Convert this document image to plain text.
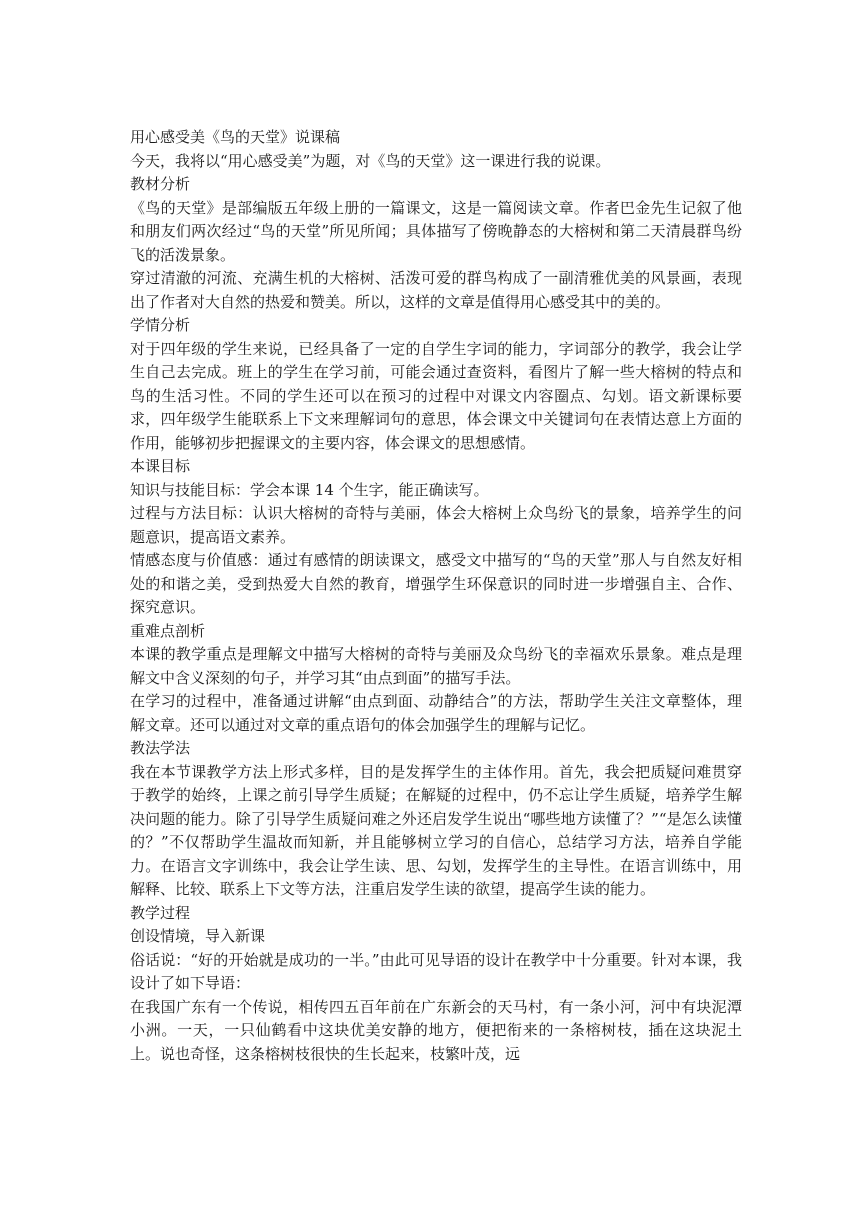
用心感受美《鸟的天堂》说课稿

今天，我将以“用心感受美”为题，对《鸟的天堂》这一课进行我的说课。

教材分析

《鸟的天堂》是部编版五年级上册的一篇课文，这是一篇阅读文章。作者巴金先生记叙了他和朋友们两次经过“鸟的天堂”所见所闻；具体描写了傍晚静态的大榕树和第二天清晨群鸟纷飞的活泼景象。

穿过清澈的河流、充满生机的大榕树、活泼可爱的群鸟构成了一副清雅优美的风景画，表现出了作者对大自然的热爱和赞美。所以，这样的文章是值得用心感受其中的美的。

学情分析

对于四年级的学生来说，已经具备了一定的自学生字词的能力，字词部分的教学，我会让学生自己去完成。班上的学生在学习前，可能会通过查资料，看图片了解一些大榕树的特点和鸟的生活习性。不同的学生还可以在预习的过程中对课文内容圈点、勾划。语文新课标要求，四年级学生能联系上下文来理解词句的意思，体会课文中关键词句在表情达意上方面的作用，能够初步把握课文的主要内容，体会课文的思想感情。

本课目标

知识与技能目标：学会本课 14 个生字，能正确读写。

过程与方法目标：认识大榕树的奇特与美丽，体会大榕树上众鸟纷飞的景象，培养学生的问题意识，提高语文素养。

情感态度与价值感：通过有感情的朗读课文，感受文中描写的“鸟的天堂”那人与自然友好相处的和谐之美，受到热爱大自然的教育，增强学生环保意识的同时进一步增强自主、合作、探究意识。

重难点剖析

本课的教学重点是理解文中描写大榕树的奇特与美丽及众鸟纷飞的幸福欢乐景象。难点是理解文中含义深刻的句子，并学习其“由点到面”的描写手法。

在学习的过程中，准备通过讲解“由点到面、动静结合”的方法，帮助学生关注文章整体，理解文章。还可以通过对文章的重点语句的体会加强学生的理解与记忆。

教法学法

我在本节课教学方法上形式多样，目的是发挥学生的主体作用。首先，我会把质疑问难贯穿于教学的始终，上课之前引导学生质疑；在解疑的过程中，仍不忘让学生质疑，培养学生解决问题的能力。除了引导学生质疑问难之外还启发学生说出“哪些地方读懂了？”“是怎么读懂的？”不仅帮助学生温故而知新，并且能够树立学习的自信心，总结学习方法，培养自学能力。在语言文字训练中，我会让学生读、思、勾划，发挥学生的主导性。在语言训练中，用解释、比较、联系上下文等方法，注重启发学生读的欲望，提高学生读的能力。

教学过程

创设情境，导入新课

俗话说：“好的开始就是成功的一半。”由此可见导语的设计在教学中十分重要。针对本课，我设计了如下导语：

在我国广东有一个传说，相传四五百年前在广东新会的天马村，有一条小河，河中有块泥潭小洲。一天，一只仙鹤看中这块优美安静的地方，便把衔来的一条榕树枝，插在这块泥土上。说也奇怪，这条榕树枝很快的生长起来，枝繁叶茂，远
